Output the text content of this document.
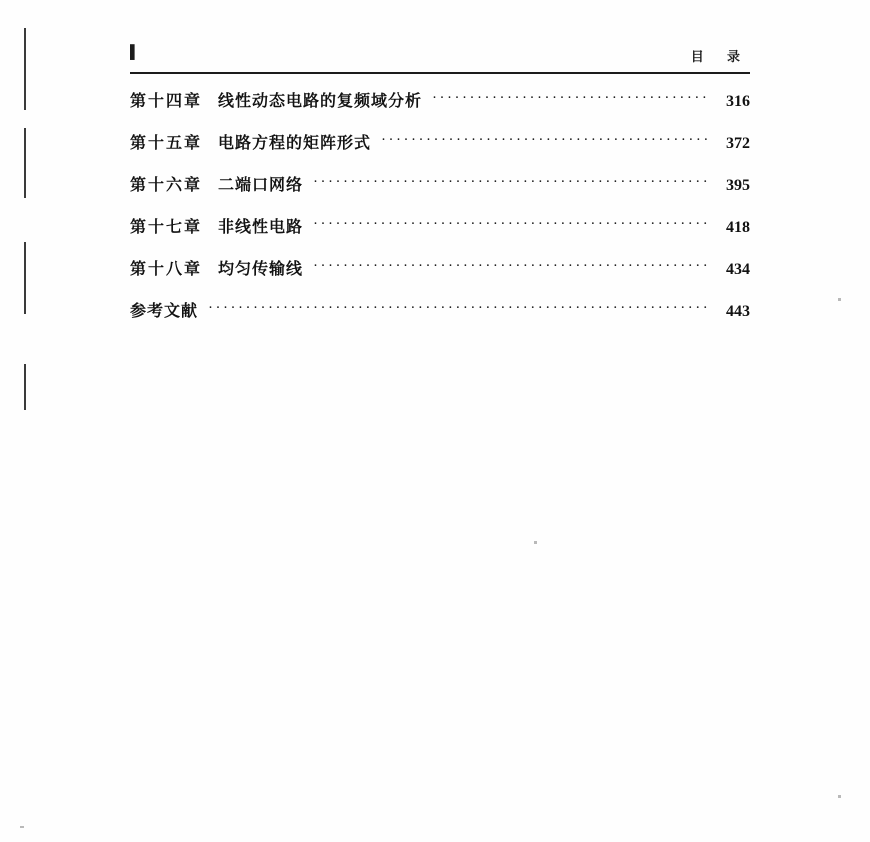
▌	目 录
第十四章 线性动态电路的复频域分析 ·····	316
第十五章 电路方程的矩阵形式 ·····	372
第十六章 二端口网络 ·····	395
第十七章 非线性电路 ·····	418
第十八章 均匀传输线 ·····	434
参考文献 ·····	443
